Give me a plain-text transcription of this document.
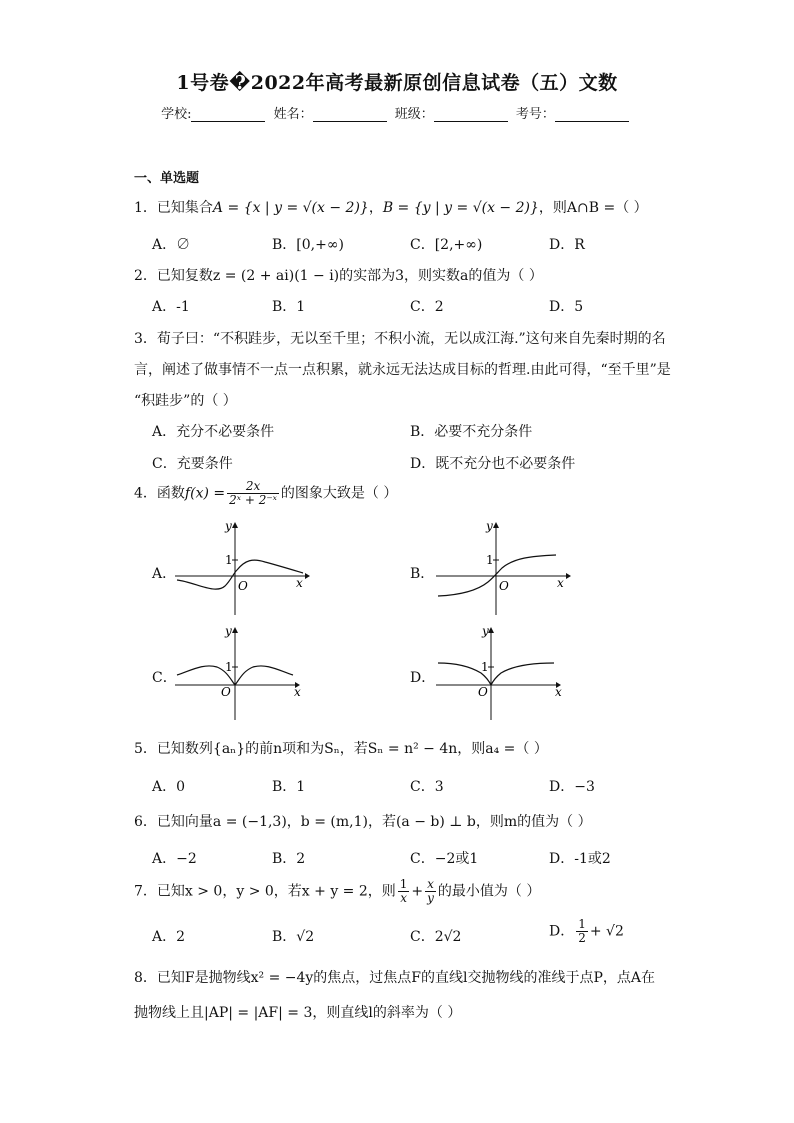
1号卷�2022年高考最新原创信息试卷（五）文数
学校:	姓名：	班级：	考号：
一、单选题
1．已知集合A = {x | y = √(x − 2)}，B = {y | y = √(x − 2)}，则A∩B =（ ）
A．∅	B．[0,+∞)	C．[2,+∞)	D．R
2．已知复数z = (2 + ai)(1 − i)的实部为3，则实数a的值为（ ）
A．-1	B．1	C．2	D．5
3．荀子曰：“不积跬步，无以至千里；不积小流，无以成江海.”这句来自先秦时期的名
言，阐述了做事情不一点一点积累，就永远无法达成目标的哲理.由此可得，“至千里”是
“积跬步”的（ ）
A．充分不必要条件	B．必要不充分条件
C．充要条件	D．既不充分也不必要条件
4．函数$f(x) = \frac{2x}{\text{2ˣ + 2⁻ˣ}}$ 的图象大致是（ ）
A．
y
x
O
1
B．
y
x
O
1
C．
y
x
O
1
D．
y
x
O
1
5．已知数列{aₙ}的前n项和为Sₙ，若Sₙ = n² − 4n，则a₄ =（ ）
A．0	B．1	C．3	D．−3
6．已知向量a = (−1,3)，b = (m,1)，若(a − b) ⊥ b，则m的值为（ ）
A．−2	B．2	C．−2或1	D．-1或2
7．已知x > 0，y > 0，若x + y = 2，则 $\frac{1}{x} + \frac{x}{y}$ 的最小值为（ ）
A．2	B．√2	C．2√2	D． $\frac{1}{2} + √2$
8．已知F是抛物线x² = −4y的焦点，过焦点F的直线l交抛物线的准线于点P，点A在
抛物线上且|AP| = |AF| = 3，则直线l的斜率为（ ）
